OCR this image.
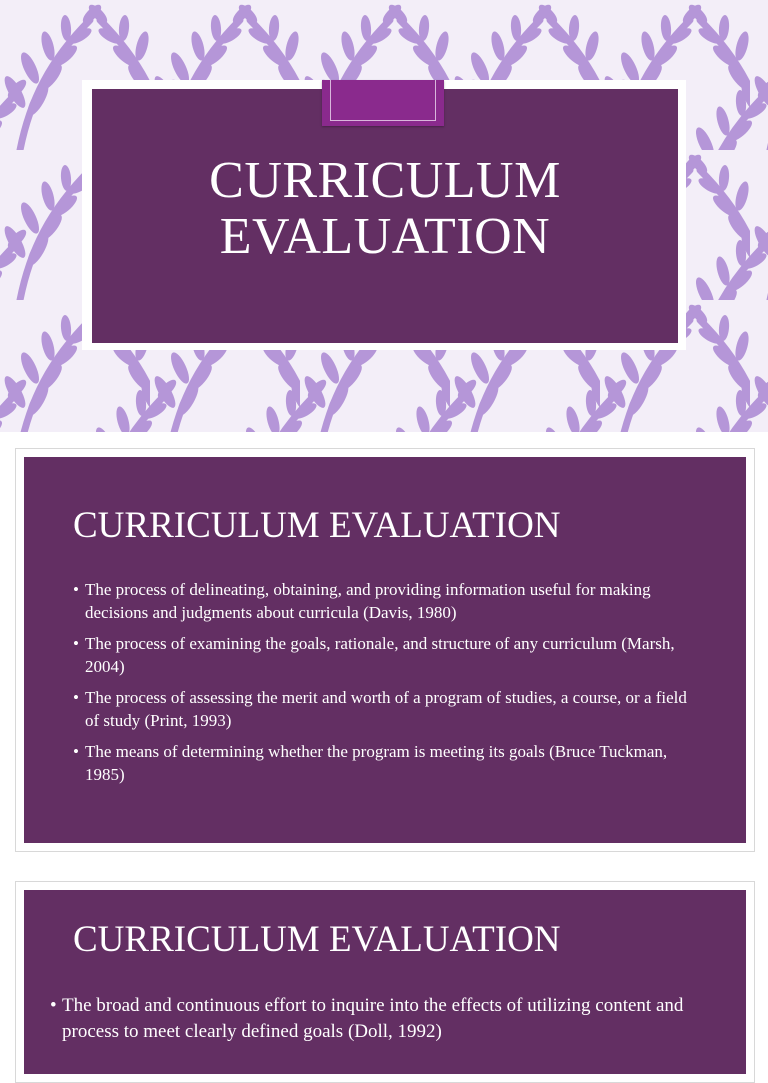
CURRICULUM
EVALUATION
CURRICULUM EVALUATION
• The process of delineating, obtaining, and providing information useful for making decisions and judgments about curricula (Davis, 1980)
• The process of examining the goals, rationale, and structure of any curriculum (Marsh, 2004)
• The process of assessing the merit and worth of a program of studies, a course, or a field of study (Print, 1993)
• The means of determining whether the program is meeting its goals (Bruce Tuckman, 1985)
CURRICULUM EVALUATION
• The broad and continuous effort to inquire into the effects of utilizing content and process to meet clearly defined goals (Doll, 1992)
